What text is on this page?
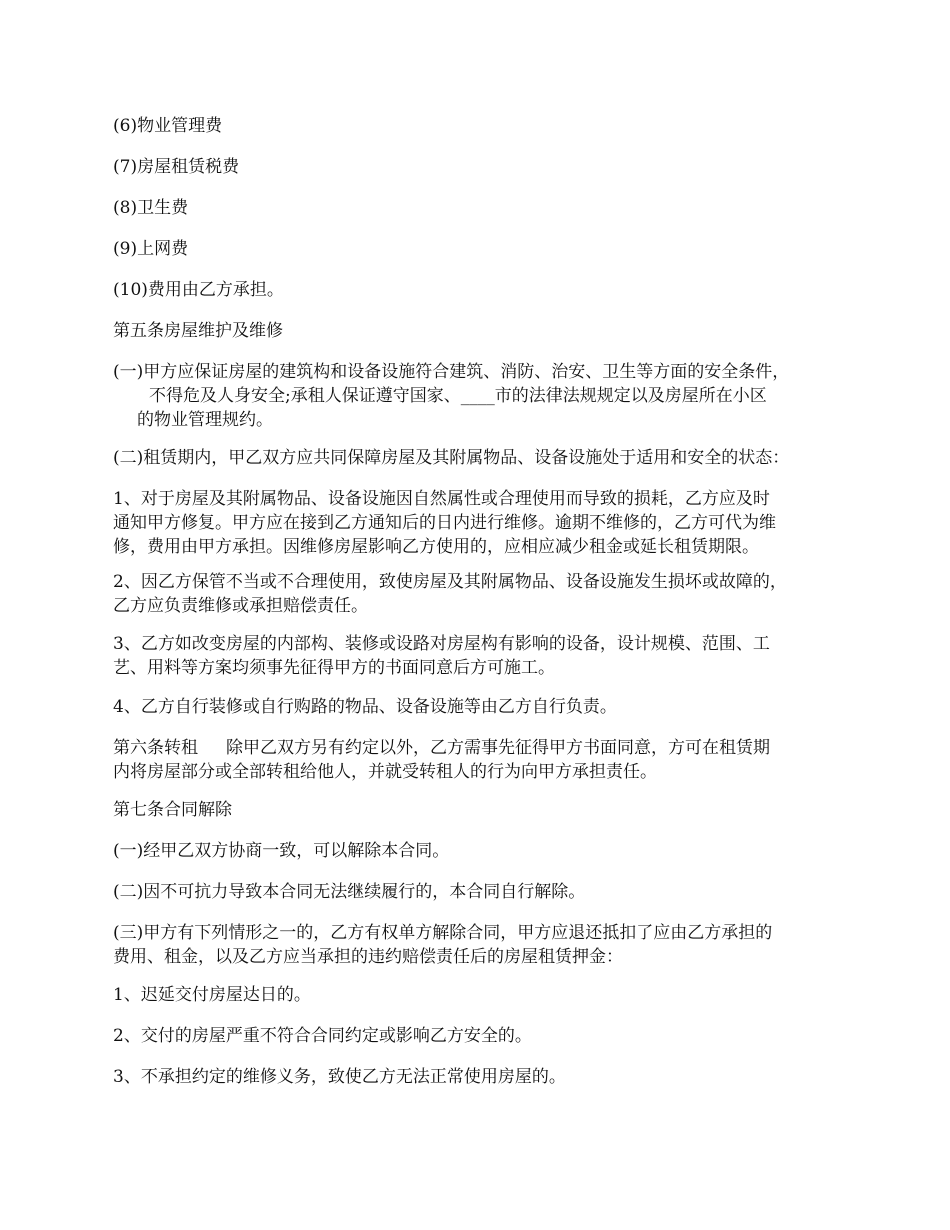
(6)物业管理费
(7)房屋租赁税费
(8)卫生费
(9)上网费
(10)费用由乙方承担。
第五条房屋维护及维修
(一)甲方应保证房屋的建筑构和设备设施符合建筑、消防、治安、卫生等方面的安全条件，
不得危及人身安全;承租人保证遵守国家、____市的法律法规规定以及房屋所在小区
的物业管理规约。
(二)租赁期内，甲乙双方应共同保障房屋及其附属物品、设备设施处于适用和安全的状态：
1、对于房屋及其附属物品、设备设施因自然属性或合理使用而导致的损耗，乙方应及时
通知甲方修复。甲方应在接到乙方通知后的日内进行维修。逾期不维修的，乙方可代为维
修，费用由甲方承担。因维修房屋影响乙方使用的，应相应减少租金或延长租赁期限。
2、因乙方保管不当或不合理使用，致使房屋及其附属物品、设备设施发生损坏或故障的，
乙方应负责维修或承担赔偿责任。
3、乙方如改变房屋的内部构、装修或设路对房屋构有影响的设备，设计规模、范围、工
艺、用料等方案均须事先征得甲方的书面同意后方可施工。
4、乙方自行装修或自行购路的物品、设备设施等由乙方自行负责。
第六条转租 除甲乙双方另有约定以外，乙方需事先征得甲方书面同意，方可在租赁期
内将房屋部分或全部转租给他人，并就受转租人的行为向甲方承担责任。
第七条合同解除
(一)经甲乙双方协商一致，可以解除本合同。
(二)因不可抗力导致本合同无法继续履行的，本合同自行解除。
(三)甲方有下列情形之一的，乙方有权单方解除合同，甲方应退还抵扣了应由乙方承担的
费用、租金，以及乙方应当承担的违约赔偿责任后的房屋租赁押金：
1、迟延交付房屋达日的。
2、交付的房屋严重不符合合同约定或影响乙方安全的。
3、不承担约定的维修义务，致使乙方无法正常使用房屋的。
